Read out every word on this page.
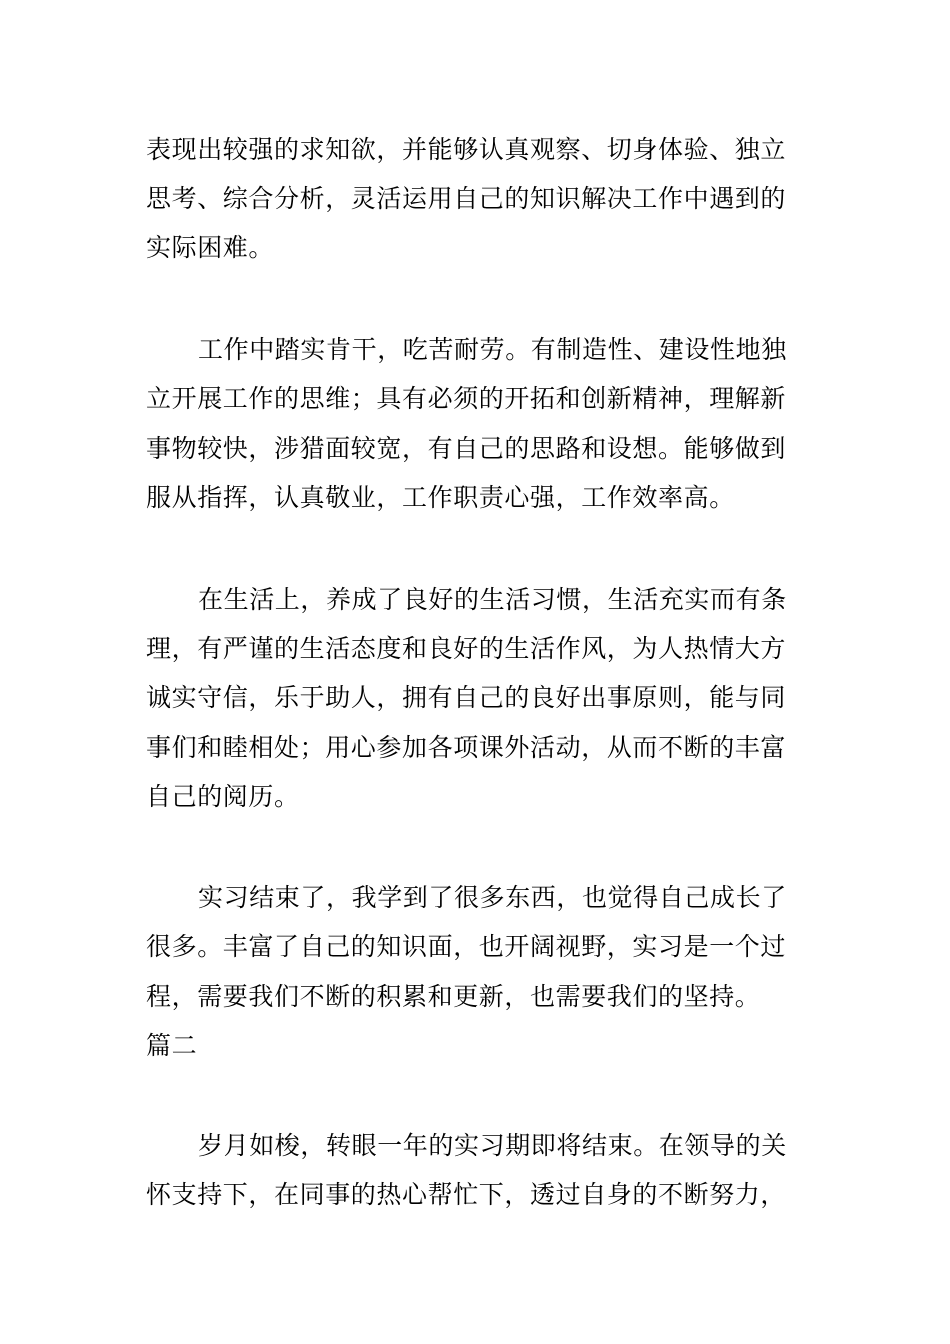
表现出较强的求知欲，并能够认真观察、切身体验、独立
思考、综合分析，灵活运用自己的知识解决工作中遇到的
实际困难。
工作中踏实肯干，吃苦耐劳。有制造性、建设性地独
立开展工作的思维；具有必须的开拓和创新精神，理解新
事物较快，涉猎面较宽，有自己的思路和设想。能够做到
服从指挥，认真敬业，工作职责心强，工作效率高。
在生活上，养成了良好的生活习惯，生活充实而有条
理，有严谨的生活态度和良好的生活作风，为人热情大方
诚实守信，乐于助人，拥有自己的良好出事原则，能与同
事们和睦相处；用心参加各项课外活动，从而不断的丰富
自己的阅历。
实习结束了，我学到了很多东西，也觉得自己成长了
很多。丰富了自己的知识面，也开阔视野，实习是一个过
程，需要我们不断的积累和更新，也需要我们的坚持。
篇二
岁月如梭，转眼一年的实习期即将结束。在领导的关
怀支持下，在同事的热心帮忙下，透过自身的不断努力，
